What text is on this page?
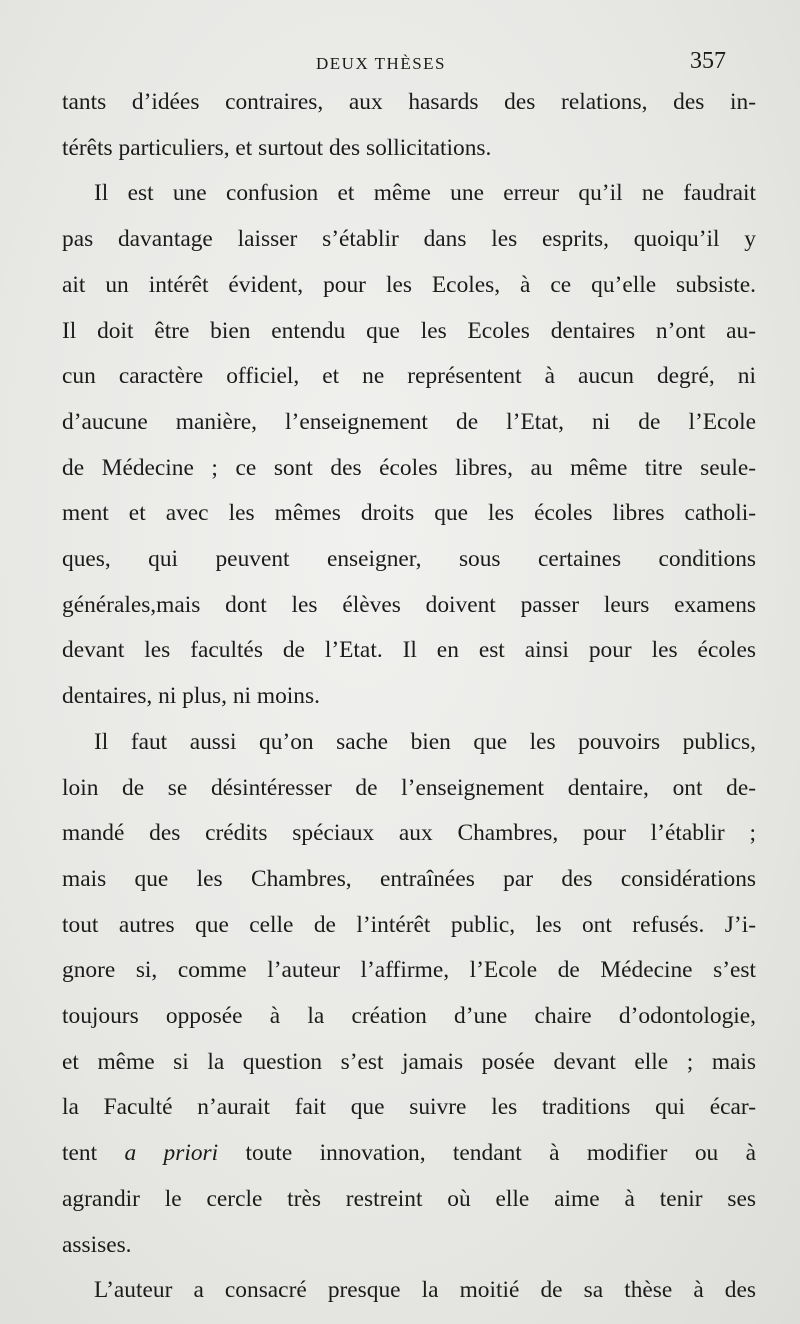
DEUX THÈSES	357
tants d’idées contraires, aux hasards des relations, des in-
térêts particuliers, et surtout des sollicitations.
Il est une confusion et même une erreur qu’il ne faudrait
pas davantage laisser s’établir dans les esprits, quoiqu’il y
ait un intérêt évident, pour les Ecoles, à ce qu’elle subsiste.
Il doit être bien entendu que les Ecoles dentaires n’ont au-
cun caractère officiel, et ne représentent à aucun degré, ni
d’aucune manière, l’enseignement de l’Etat, ni de l’Ecole
de Médecine ; ce sont des écoles libres, au même titre seule-
ment et avec les mêmes droits que les écoles libres catholi-
ques, qui peuvent enseigner, sous certaines conditions
générales,mais dont les élèves doivent passer leurs examens
devant les facultés de l’Etat. Il en est ainsi pour les écoles
dentaires, ni plus, ni moins.
Il faut aussi qu’on sache bien que les pouvoirs publics,
loin de se désintéresser de l’enseignement dentaire, ont de-
mandé des crédits spéciaux aux Chambres, pour l’établir ;
mais que les Chambres, entraînées par des considérations
tout autres que celle de l’intérêt public, les ont refusés. J’i-
gnore si, comme l’auteur l’affirme, l’Ecole de Médecine s’est
toujours opposée à la création d’une chaire d’odontologie,
et même si la question s’est jamais posée devant elle ; mais
la Faculté n’aurait fait que suivre les traditions qui écar-
tent a priori toute innovation, tendant à modifier ou à
agrandir le cercle très restreint où elle aime à tenir ses
assises.
L’auteur a consacré presque la moitié de sa thèse à des
